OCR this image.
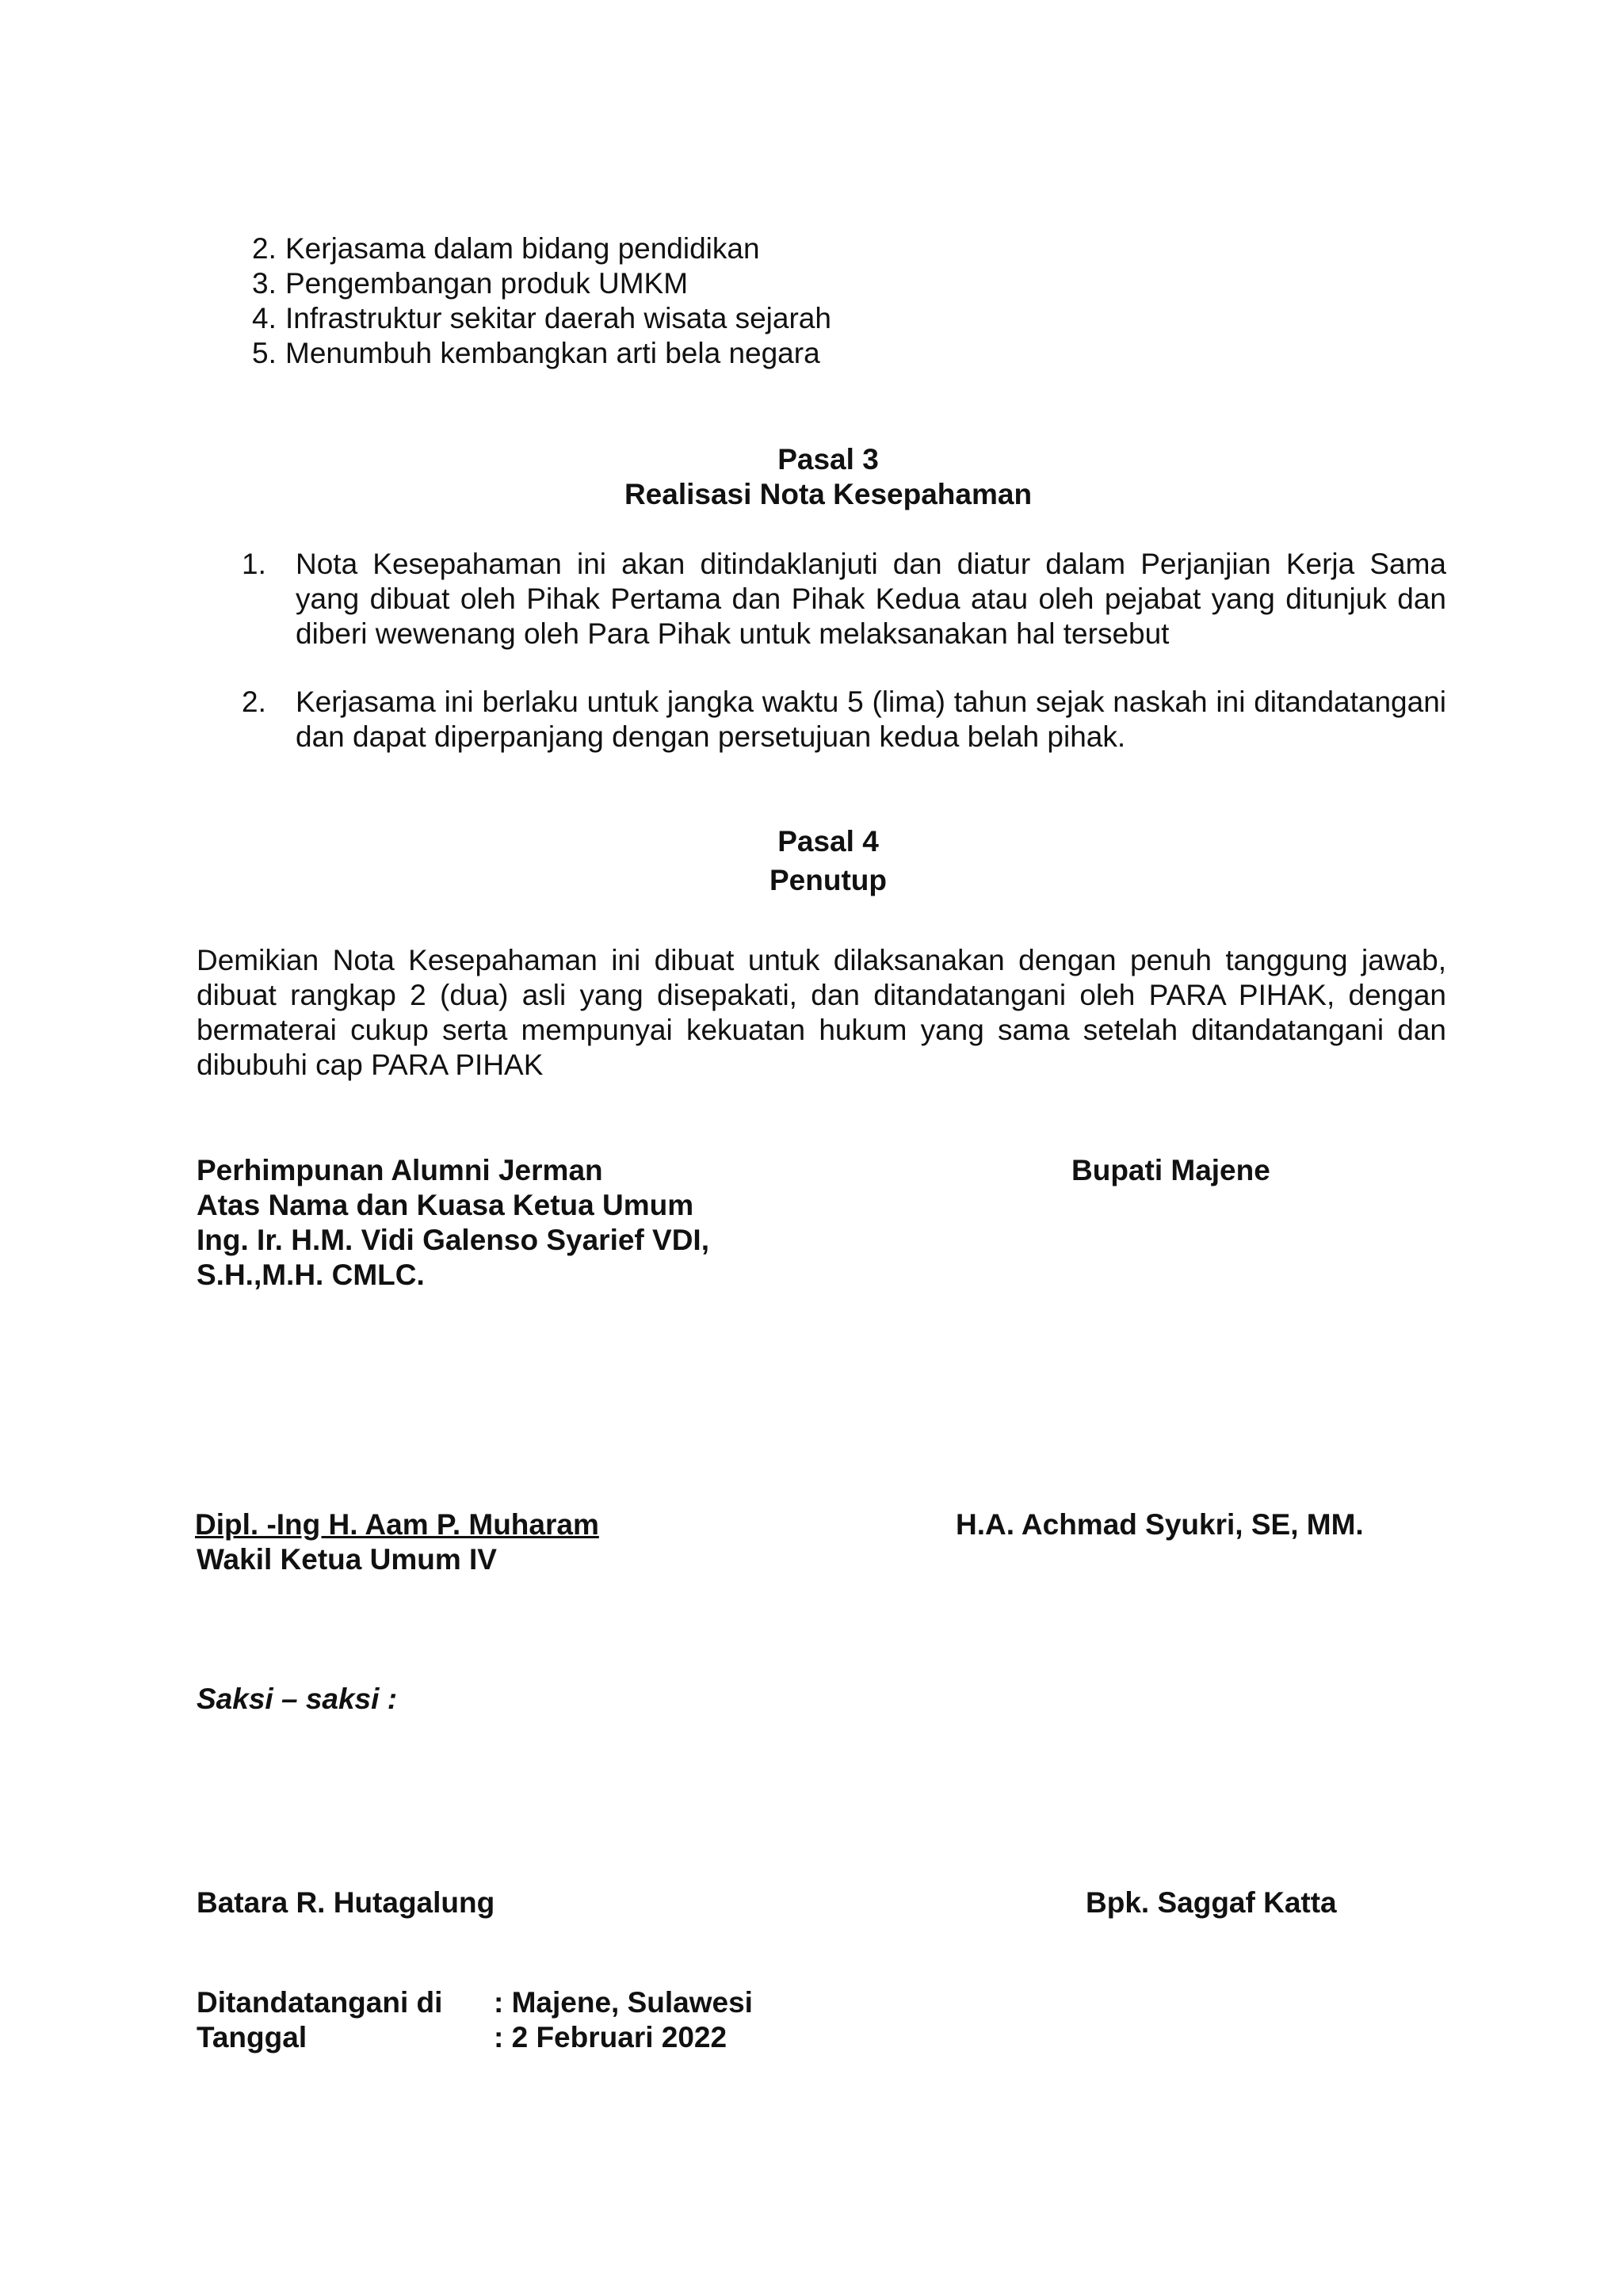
2. Kerjasama dalam bidang pendidikan
3. Pengembangan produk UMKM
4. Infrastruktur sekitar daerah wisata sejarah
5. Menumbuh kembangkan arti bela negara
Pasal 3
Realisasi Nota Kesepahaman
1.	Nota Kesepahaman ini akan ditindaklanjuti dan diatur dalam Perjanjian Kerja Sama yang dibuat oleh Pihak Pertama dan Pihak Kedua atau oleh pejabat yang ditunjuk dan diberi wewenang oleh Para Pihak untuk melaksanakan hal tersebut
2.	Kerjasama ini berlaku untuk jangka waktu 5 (lima) tahun sejak naskah ini ditandatangani dan dapat diperpanjang dengan persetujuan kedua belah pihak.
Pasal 4
Penutup
Demikian Nota Kesepahaman ini dibuat untuk dilaksanakan dengan penuh tanggung jawab, dibuat rangkap 2 (dua) asli yang disepakati, dan ditandatangani oleh PARA PIHAK, dengan bermaterai cukup serta mempunyai kekuatan hukum yang sama setelah ditandatangani dan dibubuhi cap PARA PIHAK
Perhimpunan Alumni Jerman
Atas Nama dan Kuasa Ketua Umum
Ing. Ir. H.M. Vidi Galenso Syarief VDI,
S.H.,M.H. CMLC.
Bupati Majene
Dipl. -Ing H. Aam P. Muharam
Wakil Ketua Umum IV
H.A. Achmad Syukri, SE, MM.
Saksi – saksi :
Batara R. Hutagalung	Bpk. Saggaf Katta
Ditandatangani di	: Majene, Sulawesi
Tanggal	: 2 Februari 2022
